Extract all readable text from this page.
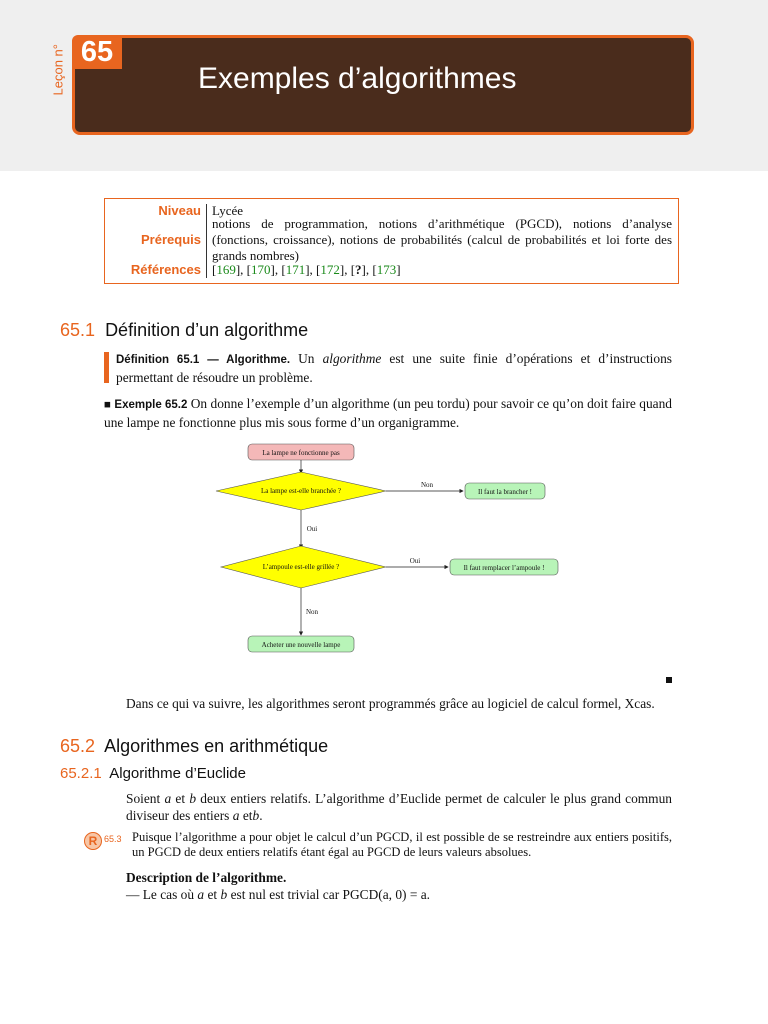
Leçon n° 65
Exemples d’algorithmes
Niveau Lycée
Prérequis
notions de programmation, notions d’arithmétique (PGCD), notions d’analyse (fonctions, croissance), notions de probabilités (calcul de probabilités et loi forte des grands nombres)
Références [169], [170], [171], [172], [?], [173]
65.1 Définition d’un algorithme
Définition 65.1 — Algorithme. Un algorithme est une suite finie d’opérations et d’instructions permettant de résoudre un problème.
■ Exemple 65.2 On donne l’exemple d’un algorithme (un peu tordu) pour savoir ce qu’on doit faire quand une lampe ne fonctionne plus mis sous forme d’un organigramme.
La lampe ne fonctionne pas
La lampe est-elle branchée ?
Non
Il faut la brancher !
Oui
L’ampoule est-elle grillée ?
Oui
Il faut remplacer l’ampoule !
Non
Acheter une nouvelle lampe
Dans ce qui va suivre, les algorithmes seront programmés grâce au logiciel de calcul formel, Xcas.
65.2 Algorithmes en arithmétique
65.2.1 Algorithme d’Euclide
Soient a et b deux entiers relatifs. L’algorithme d’Euclide permet de calculer le plus grand commun diviseur des entiers a etb.
R 65.3 Puisque l’algorithme a pour objet le calcul d’un PGCD, il est possible de se restreindre aux entiers positifs, un PGCD de deux entiers relatifs étant égal au PGCD de leurs valeurs absolues.
Description de l’algorithme.
— Le cas où a et b est nul est trivial car PGCD(a, 0) = a.
